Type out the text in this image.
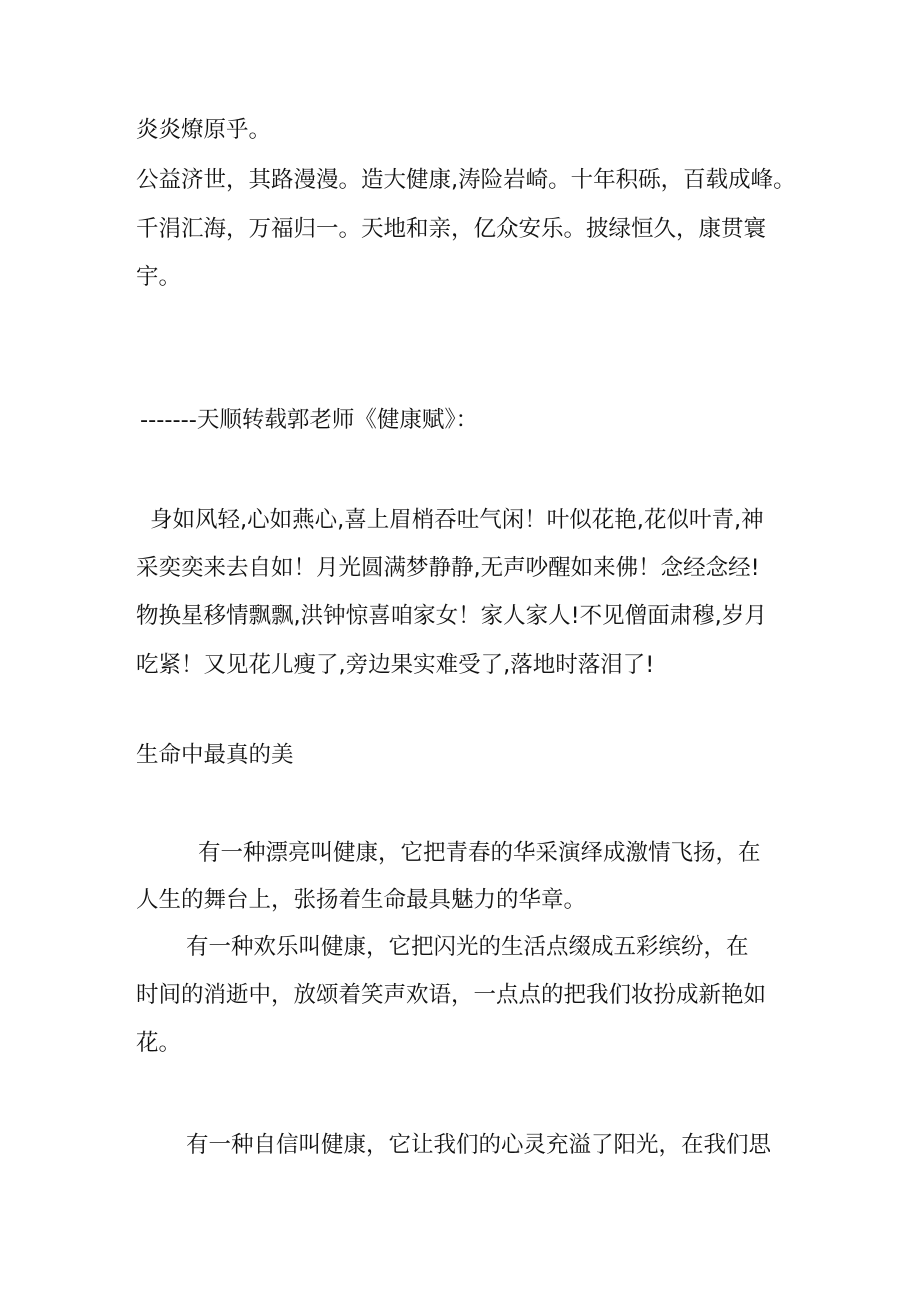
炎炎燎原乎。
公益济世，其路漫漫。造大健康,涛险岩崎。十年积砾，百载成峰。
千涓汇海，万福归一。天地和亲，亿众安乐。披绿恒久，康贯寰
宇。
-------天顺转载郭老师《健康赋》：
身如风轻,心如燕心,喜上眉梢吞吐气闲！叶似花艳,花似叶青,神
采奕奕来去自如！月光圆满梦静静,无声吵醒如来佛！念经念经!
物换星移情飘飘,洪钟惊喜咱家女！家人家人!不见僧面肃穆,岁月
吃紧！又见花儿瘦了,旁边果实难受了,落地时落泪了!
生命中最真的美
有一种漂亮叫健康，它把青春的华采演绎成激情飞扬，在
人生的舞台上，张扬着生命最具魅力的华章。
有一种欢乐叫健康，它把闪光的生活点缀成五彩缤纷，在
时间的消逝中，放颂着笑声欢语，一点点的把我们妆扮成新艳如
花。
有一种自信叫健康，它让我们的心灵充溢了阳光，在我们思
